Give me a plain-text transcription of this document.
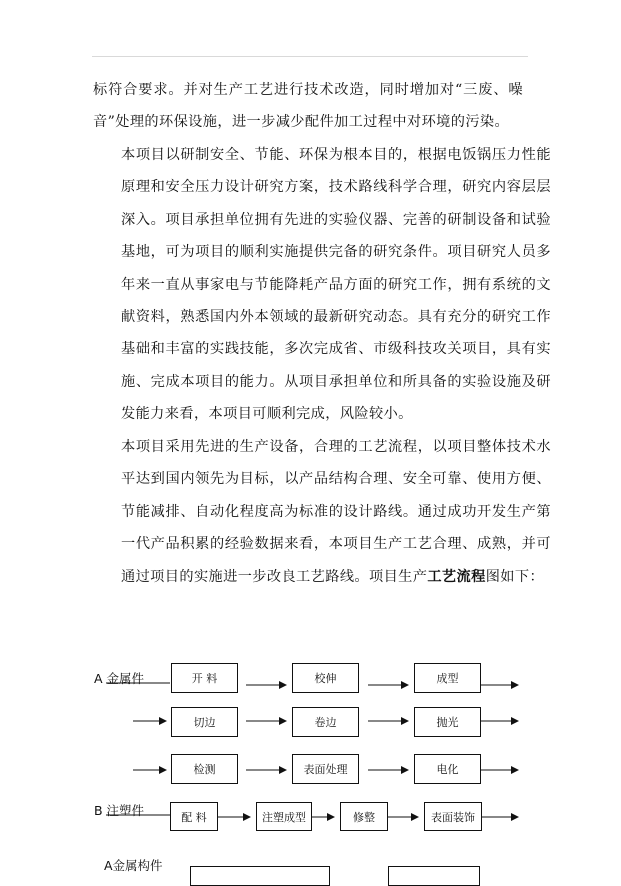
标符合要求。并对生产工艺进行技术改造，同时增加对“三废、噪音”处理的环保设施，进一步减少配件加工过程中对环境的污染。

本项目以研制安全、节能、环保为根本目的，根据电饭锅压力性能原理和安全压力设计研究方案，技术路线科学合理，研究内容层层深入。项目承担单位拥有先进的实验仪器、完善的研制设备和试验基地，可为项目的顺利实施提供完备的研究条件。项目研究人员多年来一直从事家电与节能降耗产品方面的研究工作，拥有系统的文献资料，熟悉国内外本领域的最新研究动态。具有充分的研究工作基础和丰富的实践技能，多次完成省、市级科技攻关项目，具有实施、完成本项目的能力。从项目承担单位和所具备的实验设施及研发能力来看，本项目可顺利完成，风险较小。

本项目采用先进的生产设备，合理的工艺流程，以项目整体技术水平达到国内领先为目标，以产品结构合理、安全可靠、使用方便、节能减排、自动化程度高为标准的设计路线。通过成功开发生产第一代产品积累的经验数据来看，本项目生产工艺合理、成熟，并可通过项目的实施进一步改良工艺路线。项目生产工艺流程图如下：

A 金属件
B 注塑件
A金属构件
开 料	校伸	成型
切边	卷边	抛光
检测	表面处理	电化
配 料	注塑成型	修整	表面装饰
